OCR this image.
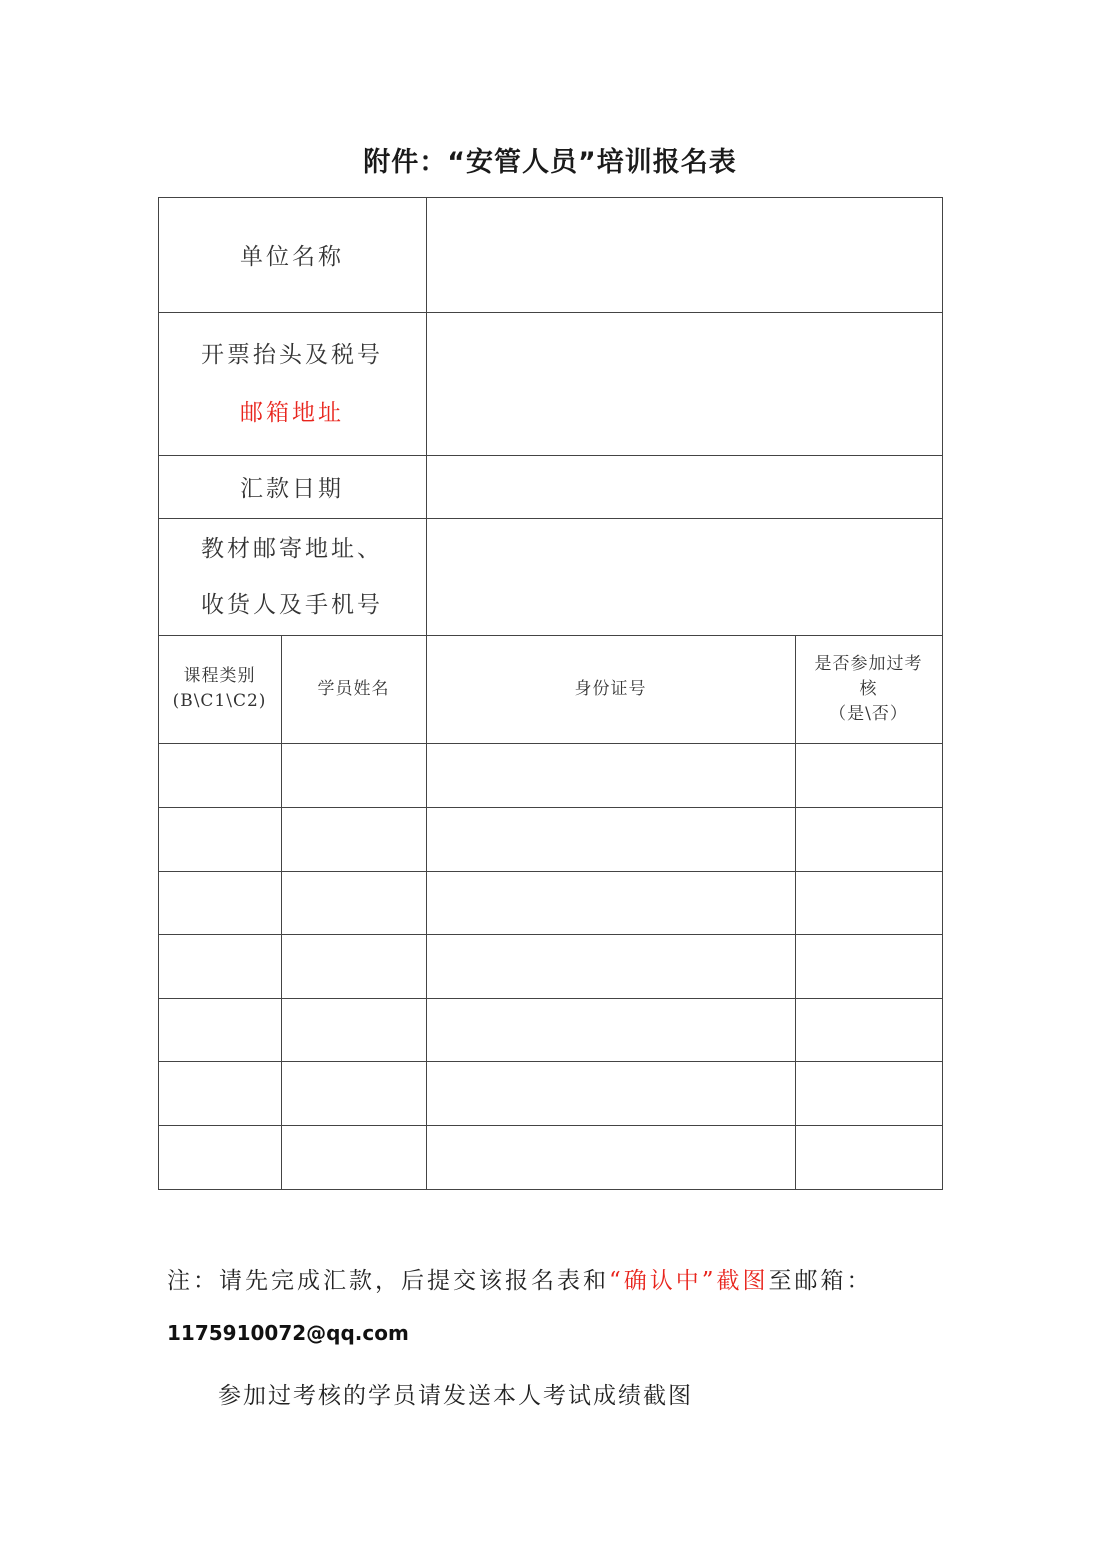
附件：“安管人员”培训报名表
单位名称
开票抬头及税号
邮箱地址
汇款日期
教材邮寄地址、
收货人及手机号
课程类别
(B\C1\C2)
学员姓名	身份证号
是否参加过考
核
（是\否）
注：请先完成汇款，后提交该报名表和“确认中”截图至邮箱：
1175910072@qq.com
参加过考核的学员请发送本人考试成绩截图
